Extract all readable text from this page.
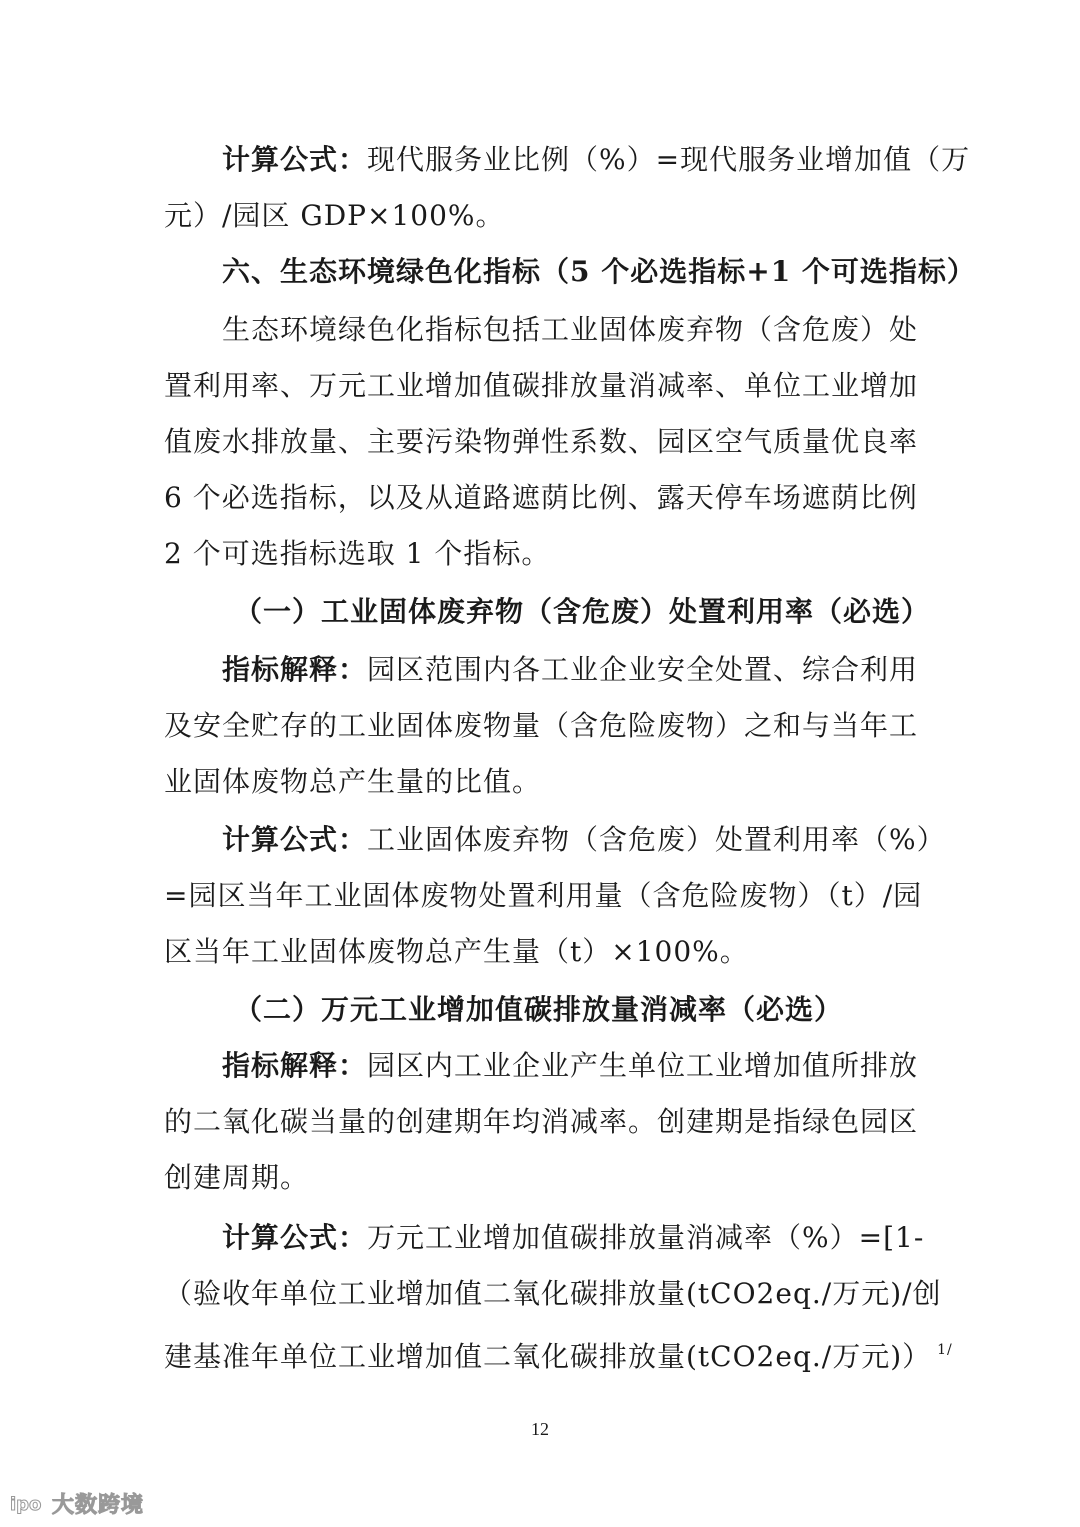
计算公式：现代服务业比例（%）=现代服务业增加值（万
元）/园区 GDP×100%。
六、生态环境绿色化指标（5 个必选指标+1 个可选指标）
生态环境绿色化指标包括工业固体废弃物（含危废）处
置利用率、万元工业增加值碳排放量消减率、单位工业增加
值废水排放量、主要污染物弹性系数、园区空气质量优良率
6 个必选指标，以及从道路遮荫比例、露天停车场遮荫比例
2 个可选指标选取 1 个指标。
（一）工业固体废弃物（含危废）处置利用率（必选）
指标解释：园区范围内各工业企业安全处置、综合利用
及安全贮存的工业固体废物量（含危险废物）之和与当年工
业固体废物总产生量的比值。
计算公式：工业固体废弃物（含危废）处置利用率（%）
=园区当年工业固体废物处置利用量（含危险废物）（t）/园
区当年工业固体废物总产生量（t）×100%。
（二）万元工业增加值碳排放量消减率（必选）
指标解释：园区内工业企业产生单位工业增加值所排放
的二氧化碳当量的创建期年均消减率。创建期是指绿色园区
创建周期。
计算公式：万元工业增加值碳排放量消减率（%）=[1-
（验收年单位工业增加值二氧化碳排放量(tCO2eq./万元)/创
建基准年单位工业增加值二氧化碳排放量(tCO2eq./万元)） $^{1/}$
12
ipo 大数跨境
